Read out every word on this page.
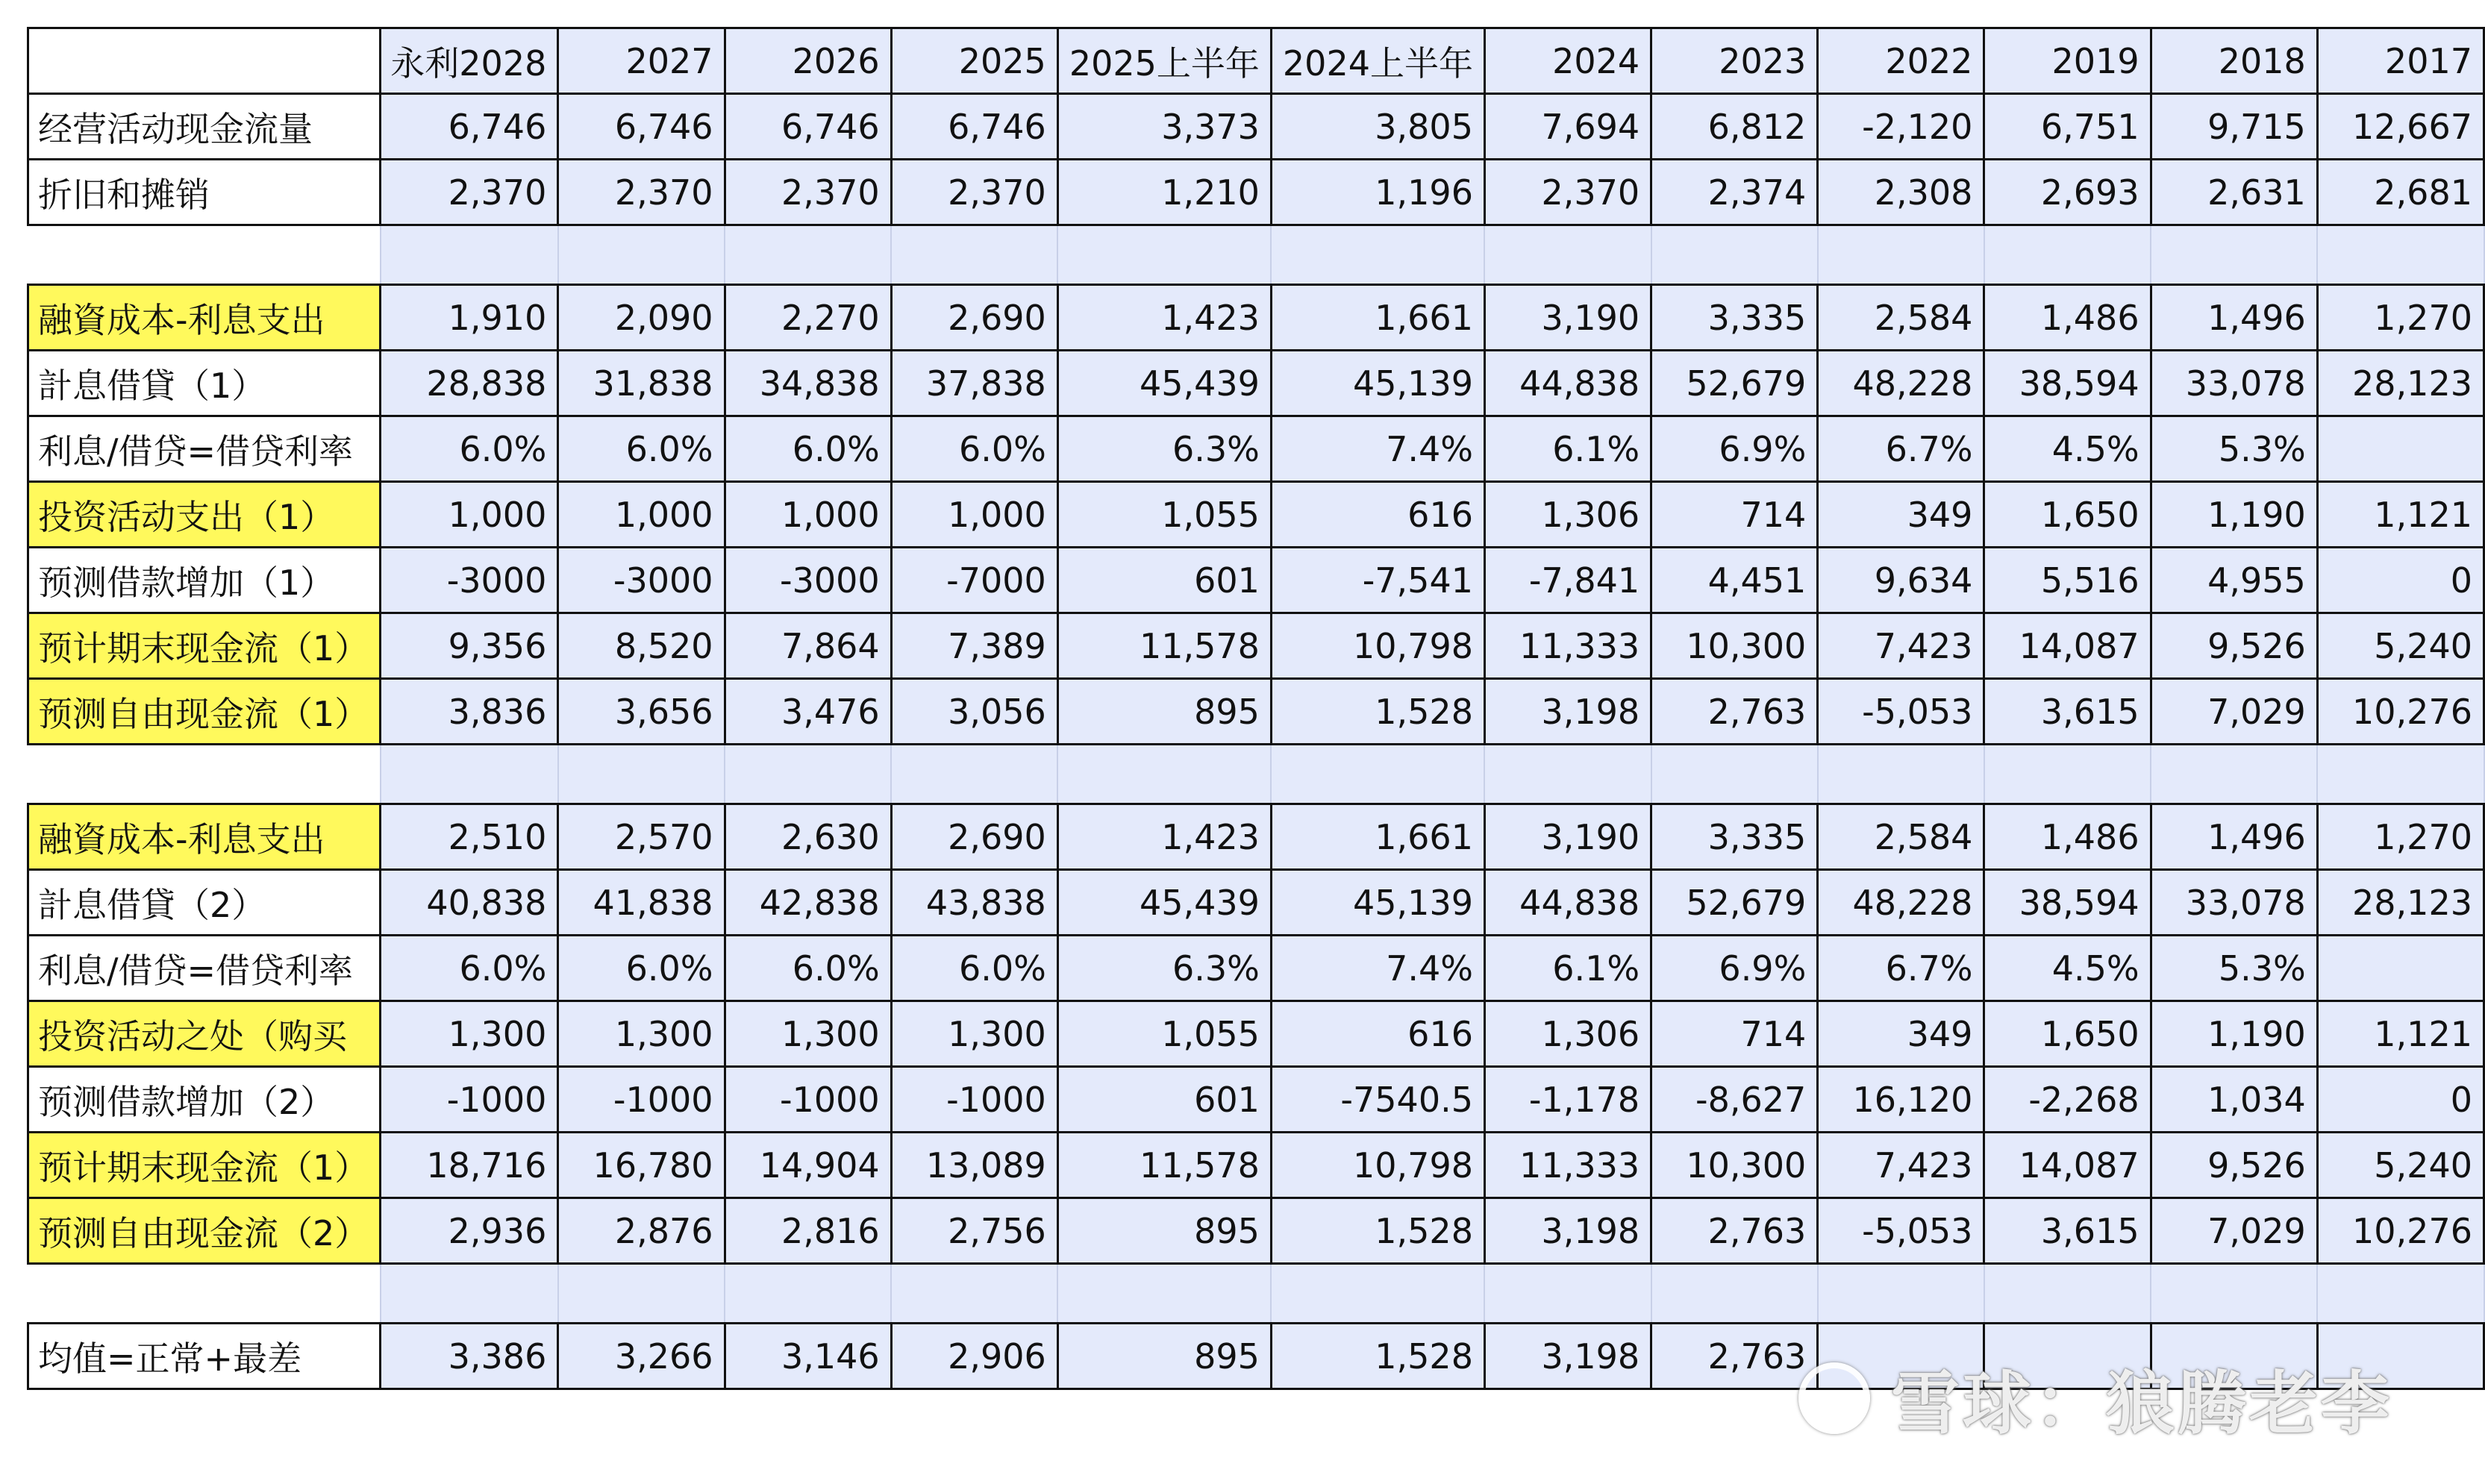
	永利2028	2027	2026	2025	2025上半年	2024上半年	2024	2023	2022	2019	2018	2017
经营活动现金流量	6,746	6,746	6,746	6,746	3,373	3,805	7,694	6,812	-2,120	6,751	9,715	12,667
折旧和摊销	2,370	2,370	2,370	2,370	1,210	1,196	2,370	2,374	2,308	2,693	2,631	2,681

融資成本-利息支出	1,910	2,090	2,270	2,690	1,423	1,661	3,190	3,335	2,584	1,486	1,496	1,270
計息借貸（1）	28,838	31,838	34,838	37,838	45,439	45,139	44,838	52,679	48,228	38,594	33,078	28,123
利息/借贷=借贷利率	6.0%	6.0%	6.0%	6.0%	6.3%	7.4%	6.1%	6.9%	6.7%	4.5%	5.3%	
投资活动支出（1）	1,000	1,000	1,000	1,000	1,055	616	1,306	714	349	1,650	1,190	1,121
预测借款增加（1）	-3000	-3000	-3000	-7000	601	-7,541	-7,841	4,451	9,634	5,516	4,955	0
预计期末现金流（1）	9,356	8,520	7,864	7,389	11,578	10,798	11,333	10,300	7,423	14,087	9,526	5,240
预测自由现金流（1）	3,836	3,656	3,476	3,056	895	1,528	3,198	2,763	-5,053	3,615	7,029	10,276

融資成本-利息支出	2,510	2,570	2,630	2,690	1,423	1,661	3,190	3,335	2,584	1,486	1,496	1,270
計息借貸（2）	40,838	41,838	42,838	43,838	45,439	45,139	44,838	52,679	48,228	38,594	33,078	28,123
利息/借贷=借贷利率	6.0%	6.0%	6.0%	6.0%	6.3%	7.4%	6.1%	6.9%	6.7%	4.5%	5.3%	
投资活动之处（购买	1,300	1,300	1,300	1,300	1,055	616	1,306	714	349	1,650	1,190	1,121
预测借款增加（2）	-1000	-1000	-1000	-1000	601	-7540.5	-1,178	-8,627	16,120	-2,268	1,034	0
预计期末现金流（1）	18,716	16,780	14,904	13,089	11,578	10,798	11,333	10,300	7,423	14,087	9,526	5,240
预测自由现金流（2）	2,936	2,876	2,816	2,756	895	1,528	3,198	2,763	-5,053	3,615	7,029	10,276

均值=正常+最差	3,386	3,266	3,146	2,906	895	1,528	3,198	2,763				
雪球 ： 狼腾老李
